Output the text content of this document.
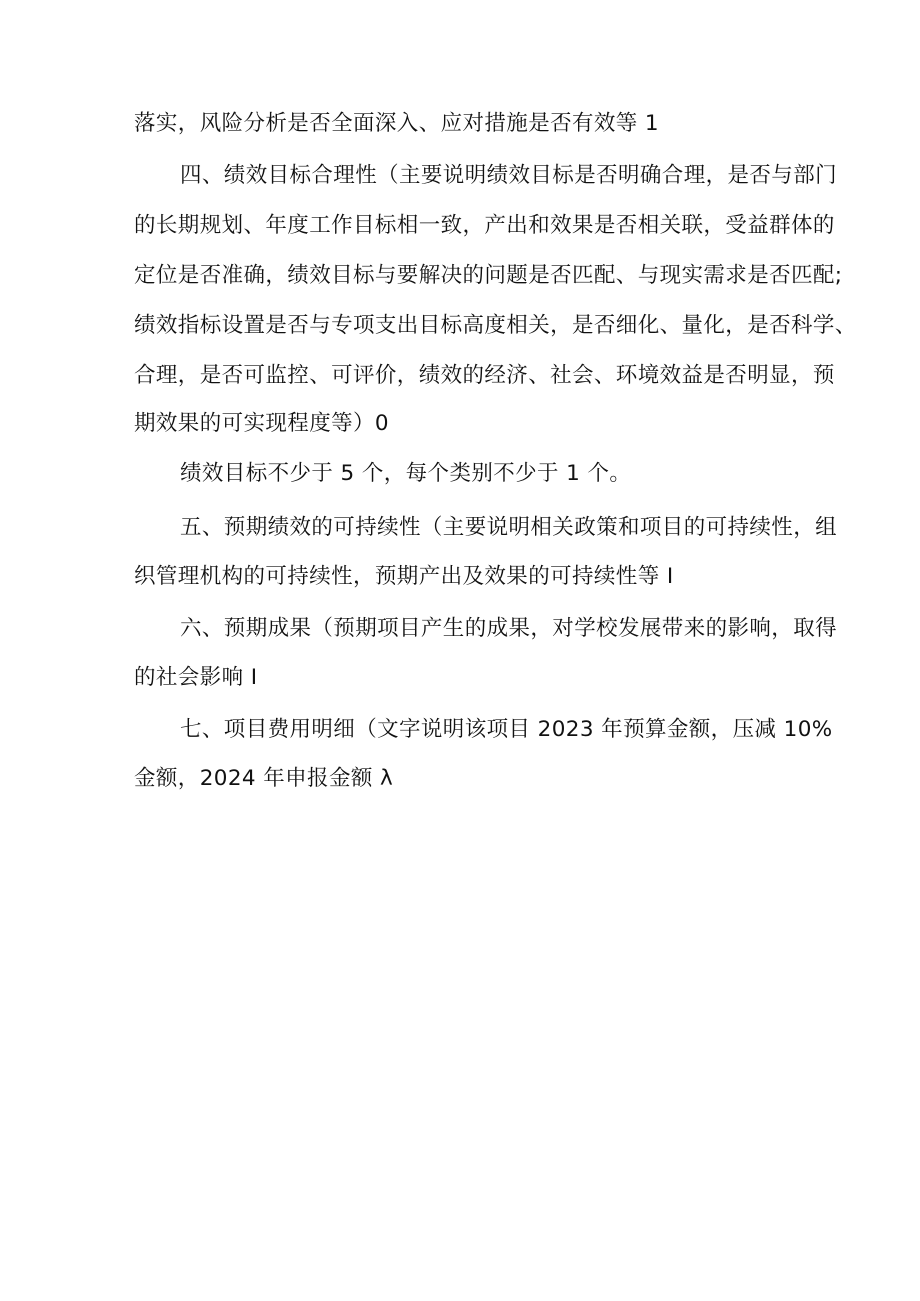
落实，风险分析是否全面深入、应对措施是否有效等 1
四、绩效目标合理性（主要说明绩效目标是否明确合理，是否与部门
的长期规划、年度工作目标相一致，产出和效果是否相关联，受益群体的
定位是否准确，绩效目标与要解决的问题是否匹配、与现实需求是否匹配;
绩效指标设置是否与专项支出目标高度相关，是否细化、量化，是否科学、
合理，是否可监控、可评价，绩效的经济、社会、环境效益是否明显，预
期效果的可实现程度等）0
绩效目标不少于 5 个，每个类别不少于 1 个。
五、预期绩效的可持续性（主要说明相关政策和项目的可持续性，组
织管理机构的可持续性，预期产出及效果的可持续性等 I
六、预期成果（预期项目产生的成果，对学校发展带来的影响，取得
的社会影响 I
七、项目费用明细（文字说明该项目 2023 年预算金额，压减 10%
金额，2024 年申报金额 λ
